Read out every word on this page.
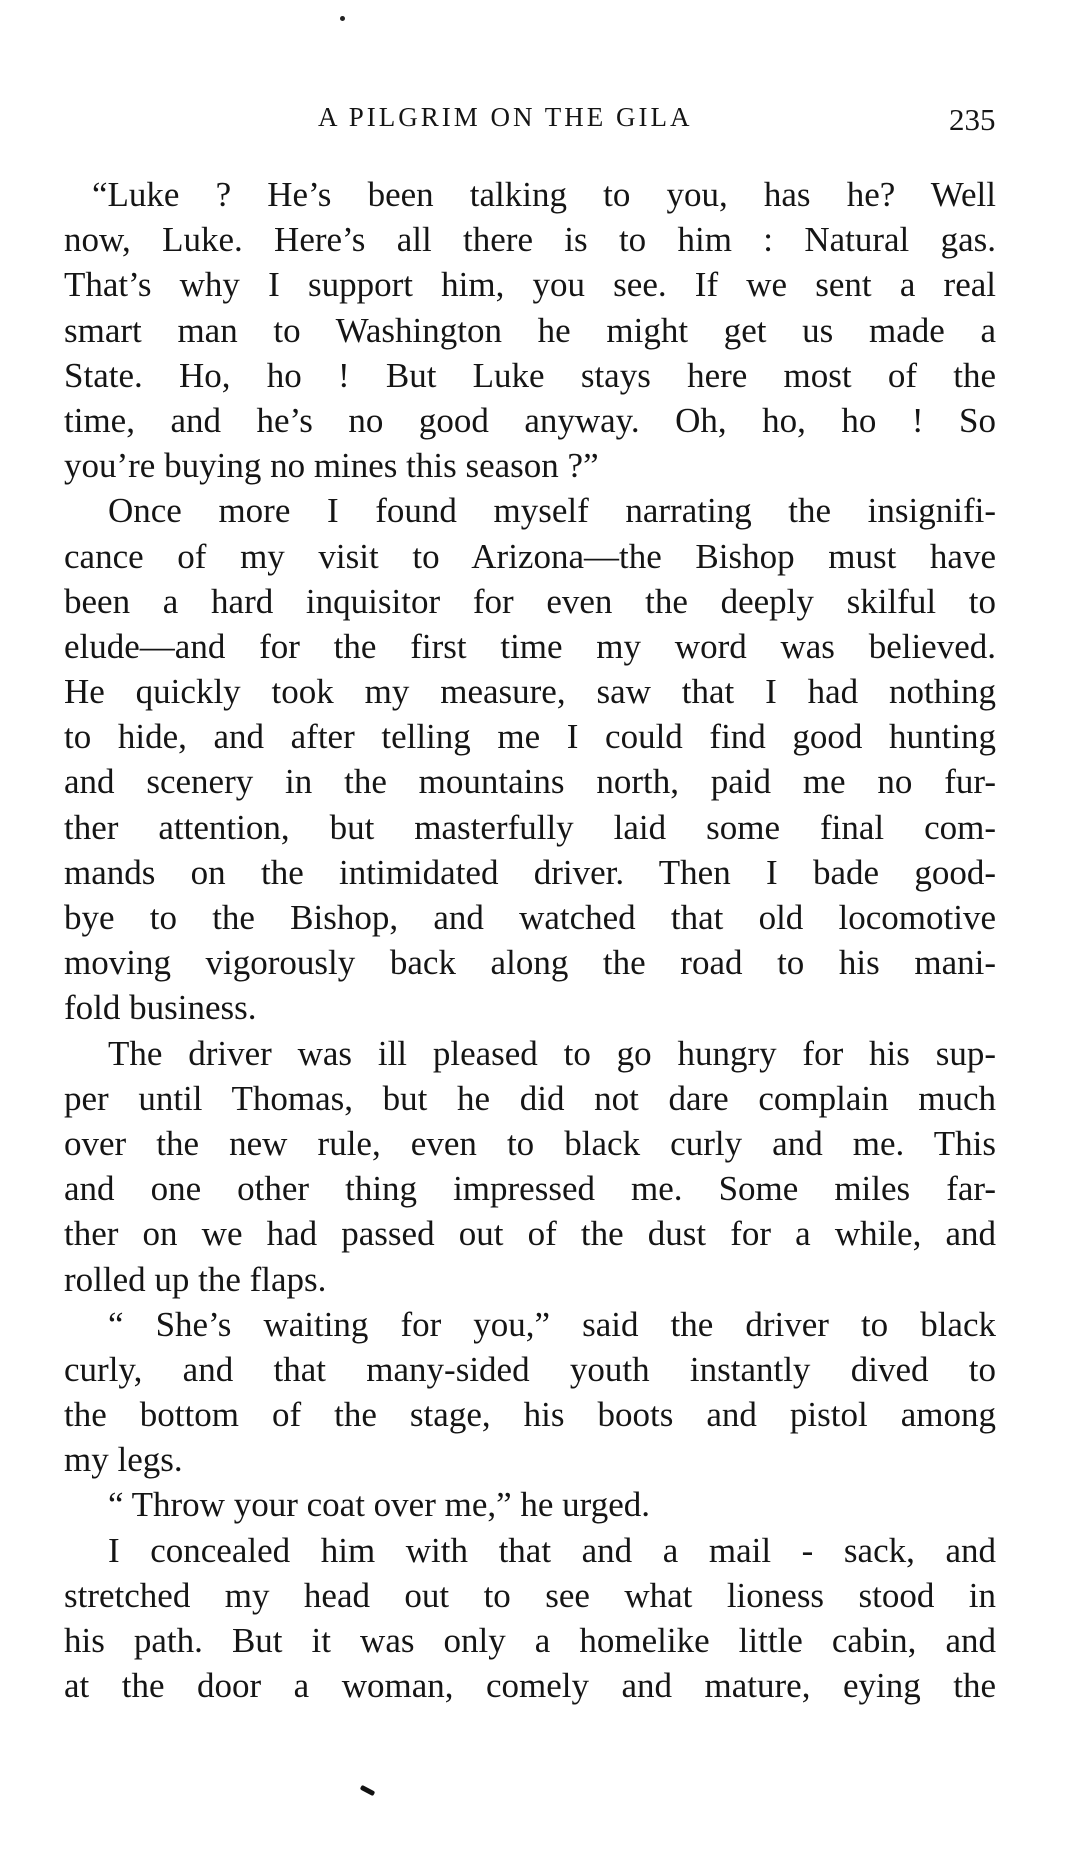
A PILGRIM ON THE GILA	235
“Luke ? He’s been talking to you, has he? Well
now, Luke. Here’s all there is to him : Natural gas.
That’s why I support him, you see. If we sent a real
smart man to Washington he might get us made a
State. Ho, ho ! But Luke stays here most of the
time, and he’s no good anyway. Oh, ho, ho ! So
you’re buying no mines this season ?”
Once more I found myself narrating the insignifi-
cance of my visit to Arizona—the Bishop must have
been a hard inquisitor for even the deeply skilful to
elude—and for the first time my word was believed.
He quickly took my measure, saw that I had nothing
to hide, and after telling me I could find good hunting
and scenery in the mountains north, paid me no fur-
ther attention, but masterfully laid some final com-
mands on the intimidated driver. Then I bade good-
bye to the Bishop, and watched that old locomotive
moving vigorously back along the road to his mani-
fold business.
The driver was ill pleased to go hungry for his sup-
per until Thomas, but he did not dare complain much
over the new rule, even to black curly and me. This
and one other thing impressed me. Some miles far-
ther on we had passed out of the dust for a while, and
rolled up the flaps.
“ She’s waiting for you,” said the driver to black
curly, and that many-sided youth instantly dived to
the bottom of the stage, his boots and pistol among
my legs.
“ Throw your coat over me,” he urged.
I concealed him with that and a mail - sack, and
stretched my head out to see what lioness stood in
his path. But it was only a homelike little cabin, and
at the door a woman, comely and mature, eying the
